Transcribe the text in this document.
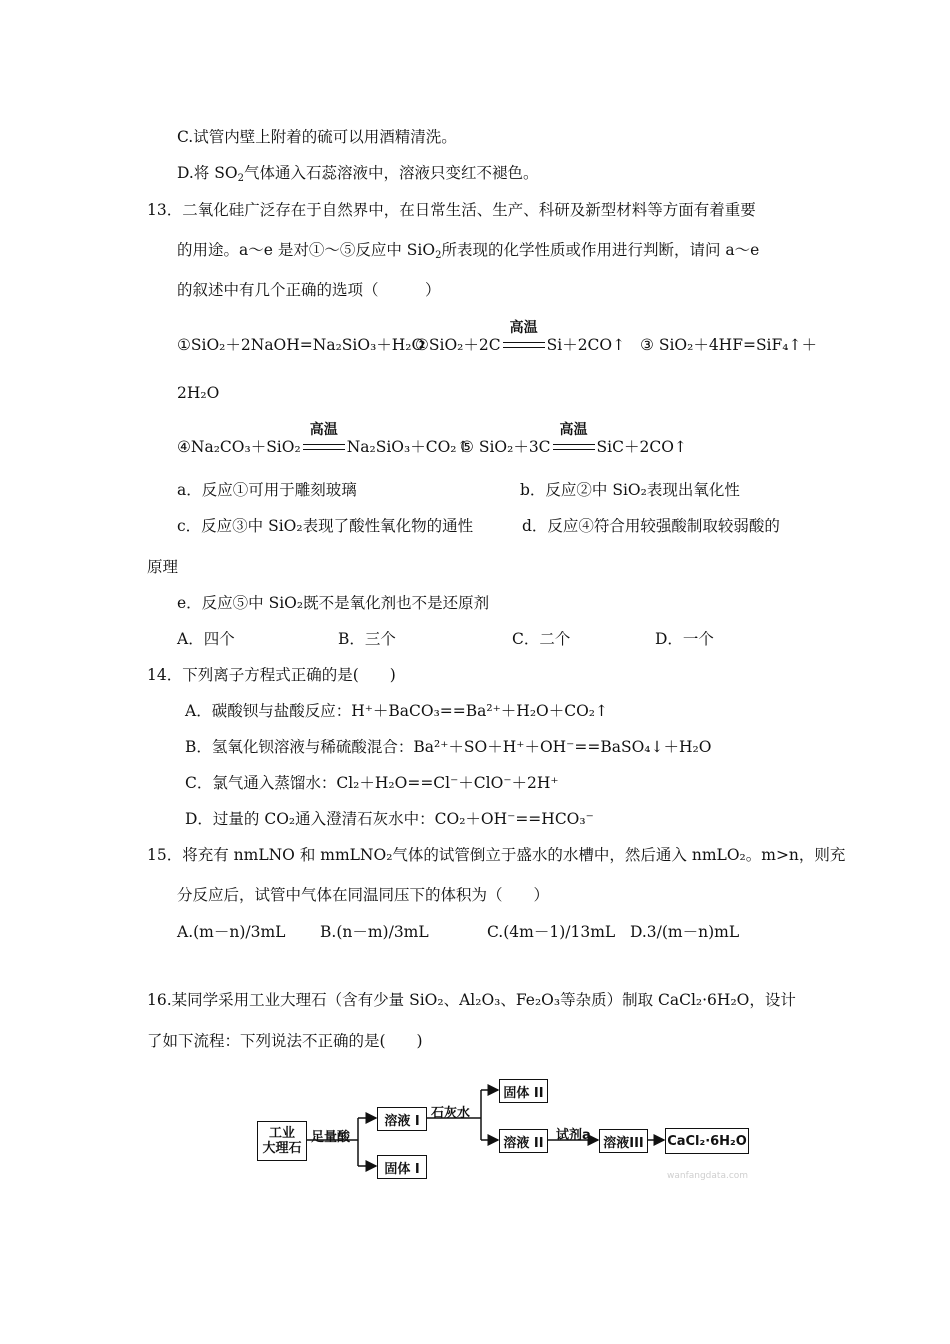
C.试管内壁上附着的硫可以用酒精清洗。
D.将 $SO_2$气体通入石蕊溶液中，溶液只变红不褪色。
13．二氧化硅广泛存在于自然界中，在日常生活、生产、科研及新型材料等方面有着重要
的用途。a～e 是对①～⑤反应中 SiO$_2$所表现的化学性质或作用进行判断，请问 a～e
的叙述中有几个正确的选项（　　　）
①SiO₂＋2NaOH=Na₂SiO₃＋H₂O
②SiO₂＋2C
高温
Si＋2CO↑ ③ SiO₂＋4HF=SiF₄↑＋
2H₂O
④Na₂CO₃＋SiO₂
高温
Na₂SiO₃＋CO₂↑
⑤ SiO₂＋3C
高温
SiC＋2CO↑
a．反应①可用于雕刻玻璃	b．反应②中 SiO₂表现出氧化性
c．反应③中 SiO₂表现了酸性氧化物的通性	d．反应④符合用较强酸制取较弱酸的
原理
e．反应⑤中 SiO₂既不是氧化剂也不是还原剂
A．四个	B．三个	C．二个	D．一个
14．下列离子方程式正确的是(　　)
A．碳酸钡与盐酸反应：H⁺＋BaCO₃==Ba²⁺＋H₂O＋CO₂↑
B．氢氧化钡溶液与稀硫酸混合：Ba²⁺＋SO＋H⁺＋OH⁻==BaSO₄↓＋H₂O
C．氯气通入蒸馏水：Cl₂＋H₂O==Cl⁻＋ClO⁻＋2H⁺
D．过量的 CO₂通入澄清石灰水中：CO₂＋OH⁻==HCO₃⁻
15．将充有 nmLNO 和 mmLNO₂气体的试管倒立于盛水的水槽中，然后通入 nmLO₂。m>n，则充
分反应后，试管中气体在同温同压下的体积为（　　）
A.(m－n)/3mL B.(n－m)/3mL	C.(4m－1)/13mL D.3/(m－n)mL
16.某同学采用工业大理石（含有少量 SiO₂、Al₂O₃、Fe₂O₃等杂质）制取 CaCl₂·6H₂O，设计
了如下流程：下列说法不正确的是(　　)
工业
大理石
足量酸
溶液 I
固体 I
石灰水
固体 II
溶液 II 试剂a 溶液III	CaCl₂·6H₂O
wanfangdata.com
